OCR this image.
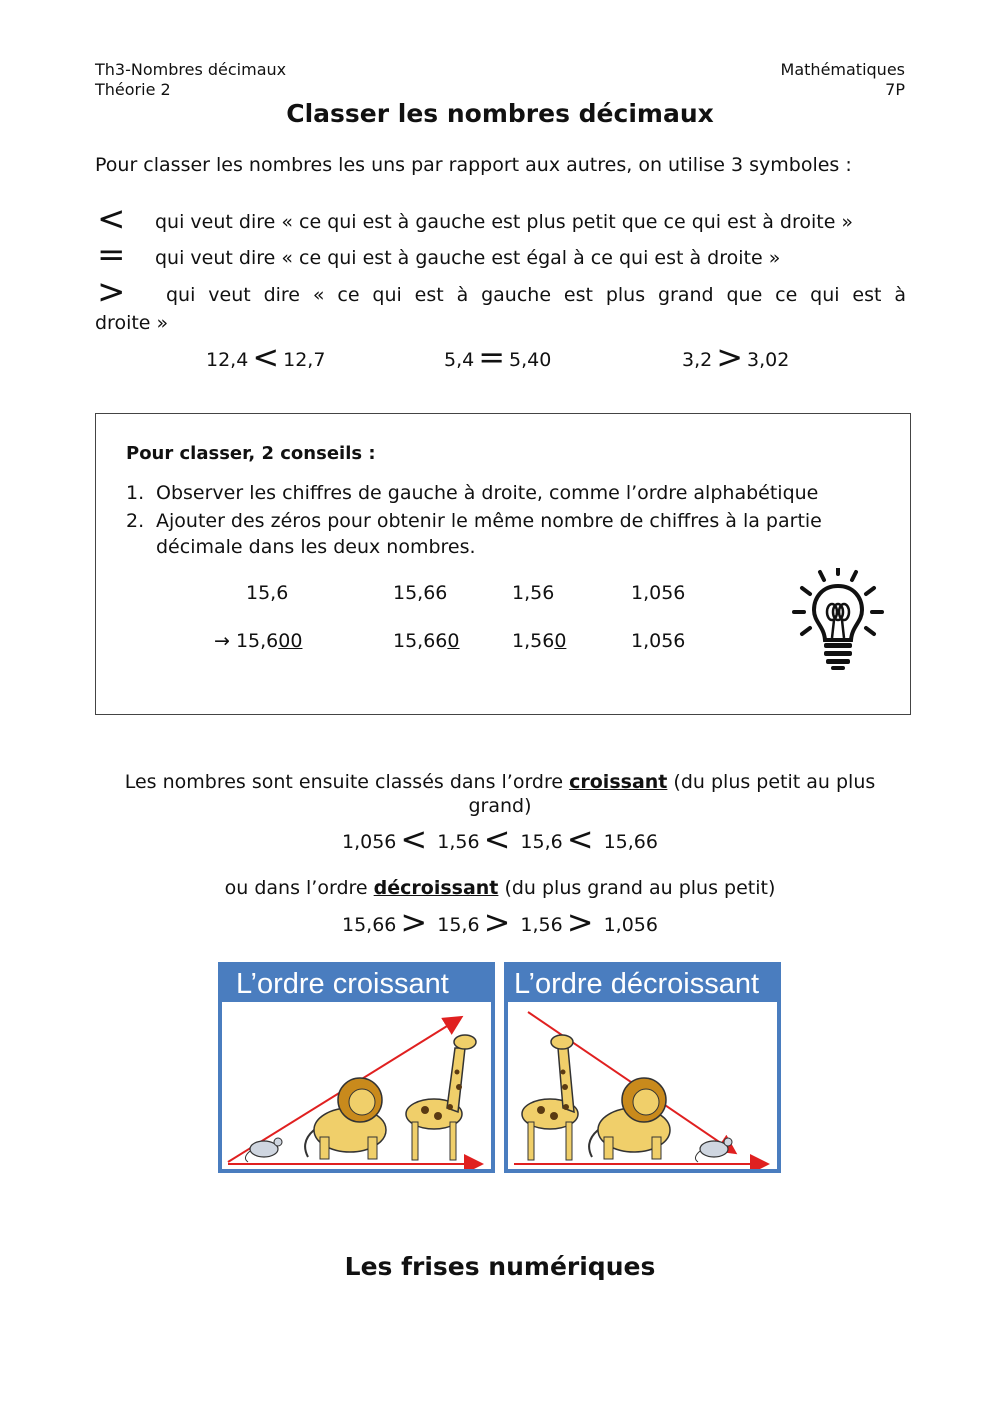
Th3-Nombres décimaux
Théorie 2
Mathématiques
7P
Classer les nombres décimaux
Pour classer les nombres les uns par rapport aux autres, on utilise 3 symboles :
< qui veut dire « ce qui est à gauche est plus petit que ce qui est à droite »
= qui veut dire « ce qui est à gauche est égal à ce qui est à droite »
> qui veut dire « ce qui est à gauche est plus grand que ce qui est à
droite »
12,4 < 12,7	5,4 = 5,40	3,2 > 3,02
Pour classer, 2 conseils :
1. Observer les chiffres de gauche à droite, comme l’ordre alphabétique
2. Ajouter des zéros pour obtenir le même nombre de chiffres à la partie
décimale dans les deux nombres.
15,6	15,66	1,56	1,056
→ 15,600	15,660	1,560	1,056
Les nombres sont ensuite classés dans l’ordre croissant (du plus petit au plus
grand)
1,056 < 1,56 < 15,6 < 15,66
ou dans l’ordre décroissant (du plus grand au plus petit)
15,66 > 15,6 > 1,56 > 1,056
L’ordre croissant	L’ordre décroissant
Les frises numériques
